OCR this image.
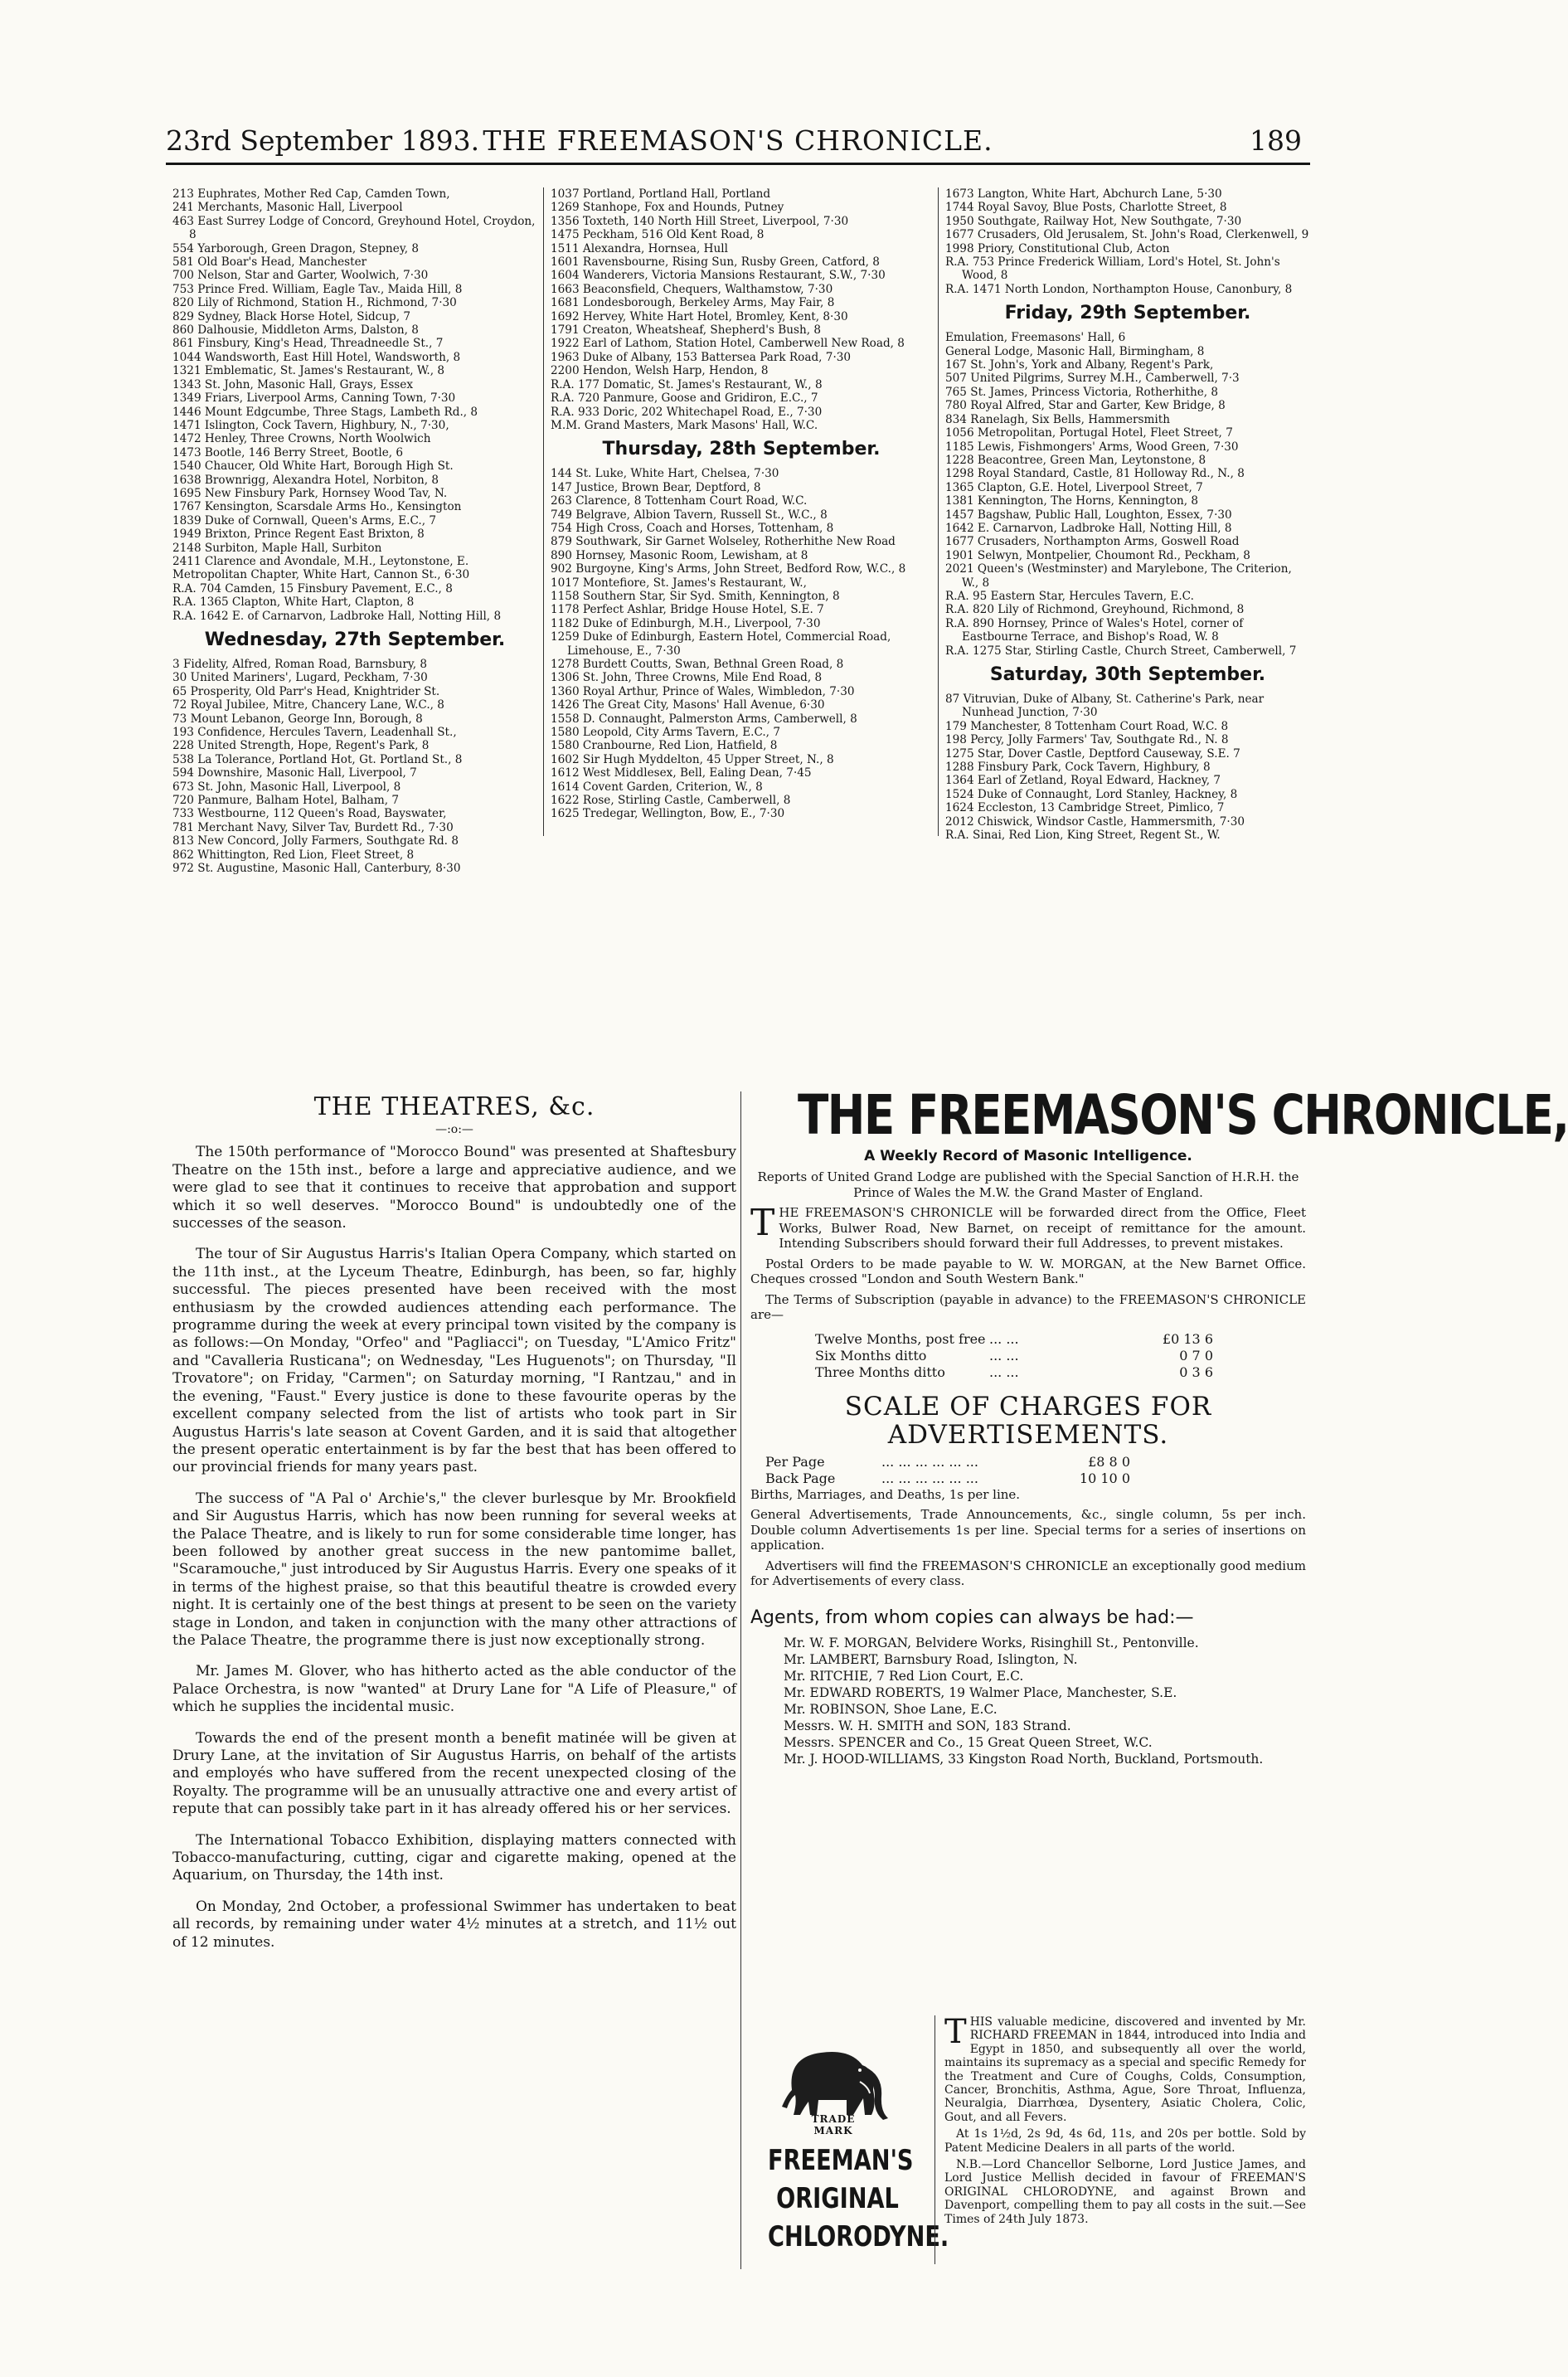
23rd September 1893. THE FREEMASON'S CHRONICLE.	189
213 Euphrates, Mother Red Cap, Camden Town,
241 Merchants, Masonic Hall, Liverpool
463 East Surrey Lodge of Concord, Greyhound Hotel, Croydon, 8
554 Yarborough, Green Dragon, Stepney, 8
581 Old Boar's Head, Manchester
700 Nelson, Star and Garter, Woolwich, 7·30
753 Prince Fred. William, Eagle Tav., Maida Hill, 8
820 Lily of Richmond, Station H., Richmond, 7·30
829 Sydney, Black Horse Hotel, Sidcup, 7
860 Dalhousie, Middleton Arms, Dalston, 8
861 Finsbury, King's Head, Threadneedle St., 7
1044 Wandsworth, East Hill Hotel, Wandsworth, 8
1321 Emblematic, St. James's Restaurant, W., 8
1343 St. John, Masonic Hall, Grays, Essex
1349 Friars, Liverpool Arms, Canning Town, 7·30
1446 Mount Edgcumbe, Three Stags, Lambeth Rd., 8
1471 Islington, Cock Tavern, Highbury, N., 7·30,
1472 Henley, Three Crowns, North Woolwich
1473 Bootle, 146 Berry Street, Bootle, 6
1540 Chaucer, Old White Hart, Borough High St.
1638 Brownrigg, Alexandra Hotel, Norbiton, 8
1695 New Finsbury Park, Hornsey Wood Tav, N.
1767 Kensington, Scarsdale Arms Ho., Kensington
1839 Duke of Cornwall, Queen's Arms, E.C., 7
1949 Brixton, Prince Regent East Brixton, 8
2148 Surbiton, Maple Hall, Surbiton
2411 Clarence and Avondale, M.H., Leytonstone, E.
Metropolitan Chapter, White Hart, Cannon St., 6·30
R.A. 704 Camden, 15 Finsbury Pavement, E.C., 8
R.A. 1365 Clapton, White Hart, Clapton, 8
R.A. 1642 E. of Carnarvon, Ladbroke Hall, Notting Hill, 8
Wednesday, 27th September.
3 Fidelity, Alfred, Roman Road, Barnsbury, 8
30 United Mariners', Lugard, Peckham, 7·30
65 Prosperity, Old Parr's Head, Knightrider St.
72 Royal Jubilee, Mitre, Chancery Lane, W.C., 8
73 Mount Lebanon, George Inn, Borough, 8
193 Confidence, Hercules Tavern, Leadenhall St.,
228 United Strength, Hope, Regent's Park, 8
538 La Tolerance, Portland Hot, Gt. Portland St., 8
594 Downshire, Masonic Hall, Liverpool, 7
673 St. John, Masonic Hall, Liverpool, 8
720 Panmure, Balham Hotel, Balham, 7
733 Westbourne, 112 Queen's Road, Bayswater,
781 Merchant Navy, Silver Tav, Burdett Rd., 7·30
813 New Concord, Jolly Farmers, Southgate Rd. 8
862 Whittington, Red Lion, Fleet Street, 8
972 St. Augustine, Masonic Hall, Canterbury, 8·30
1037 Portland, Portland Hall, Portland
1269 Stanhope, Fox and Hounds, Putney
1356 Toxteth, 140 North Hill Street, Liverpool, 7·30
1475 Peckham, 516 Old Kent Road, 8
1511 Alexandra, Hornsea, Hull
1601 Ravensbourne, Rising Sun, Rusby Green, Catford, 8
1604 Wanderers, Victoria Mansions Restaurant, S.W., 7·30
1663 Beaconsfield, Chequers, Walthamstow, 7·30
1681 Londesborough, Berkeley Arms, May Fair, 8
1692 Hervey, White Hart Hotel, Bromley, Kent, 8·30
1791 Creaton, Wheatsheaf, Shepherd's Bush, 8
1922 Earl of Lathom, Station Hotel, Camberwell New Road, 8
1963 Duke of Albany, 153 Battersea Park Road, 7·30
2200 Hendon, Welsh Harp, Hendon, 8
R.A. 177 Domatic, St. James's Restaurant, W., 8
R.A. 720 Panmure, Goose and Gridiron, E.C., 7
R.A. 933 Doric, 202 Whitechapel Road, E., 7·30
M.M. Grand Masters, Mark Masons' Hall, W.C.
Thursday, 28th September.
144 St. Luke, White Hart, Chelsea, 7·30
147 Justice, Brown Bear, Deptford, 8
263 Clarence, 8 Tottenham Court Road, W.C.
749 Belgrave, Albion Tavern, Russell St., W.C., 8
754 High Cross, Coach and Horses, Tottenham, 8
879 Southwark, Sir Garnet Wolseley, Rotherhithe New Road
890 Hornsey, Masonic Room, Lewisham, at 8
902 Burgoyne, King's Arms, John Street, Bedford Row, W.C., 8
1017 Montefiore, St. James's Restaurant, W.,
1158 Southern Star, Sir Syd. Smith, Kennington, 8
1178 Perfect Ashlar, Bridge House Hotel, S.E. 7
1182 Duke of Edinburgh, M.H., Liverpool, 7·30
1259 Duke of Edinburgh, Eastern Hotel, Commercial Road, Limehouse, E., 7·30
1278 Burdett Coutts, Swan, Bethnal Green Road, 8
1306 St. John, Three Crowns, Mile End Road, 8
1360 Royal Arthur, Prince of Wales, Wimbledon, 7·30
1426 The Great City, Masons' Hall Avenue, 6·30
1558 D. Connaught, Palmerston Arms, Camberwell, 8
1580 Leopold, City Arms Tavern, E.C., 7
1580 Cranbourne, Red Lion, Hatfield, 8
1602 Sir Hugh Myddelton, 45 Upper Street, N., 8
1612 West Middlesex, Bell, Ealing Dean, 7·45
1614 Covent Garden, Criterion, W., 8
1622 Rose, Stirling Castle, Camberwell, 8
1625 Tredegar, Wellington, Bow, E., 7·30
1673 Langton, White Hart, Abchurch Lane, 5·30
1744 Royal Savoy, Blue Posts, Charlotte Street, 8
1950 Southgate, Railway Hot, New Southgate, 7·30
1677 Crusaders, Old Jerusalem, St. John's Road, Clerkenwell, 9
1998 Priory, Constitutional Club, Acton
R.A. 753 Prince Frederick William, Lord's Hotel, St. John's Wood, 8
R.A. 1471 North London, Northampton House, Canonbury, 8
Friday, 29th September.
Emulation, Freemasons' Hall, 6
General Lodge, Masonic Hall, Birmingham, 8
167 St. John's, York and Albany, Regent's Park,
507 United Pilgrims, Surrey M.H., Camberwell, 7·3
765 St. James, Princess Victoria, Rotherhithe, 8
780 Royal Alfred, Star and Garter, Kew Bridge, 8
834 Ranelagh, Six Bells, Hammersmith
1056 Metropolitan, Portugal Hotel, Fleet Street, 7
1185 Lewis, Fishmongers' Arms, Wood Green, 7·30
1228 Beacontree, Green Man, Leytonstone, 8
1298 Royal Standard, Castle, 81 Holloway Rd., N., 8
1365 Clapton, G.E. Hotel, Liverpool Street, 7
1381 Kennington, The Horns, Kennington, 8
1457 Bagshaw, Public Hall, Loughton, Essex, 7·30
1642 E. Carnarvon, Ladbroke Hall, Notting Hill, 8
1677 Crusaders, Northampton Arms, Goswell Road
1901 Selwyn, Montpelier, Choumont Rd., Peckham, 8
2021 Queen's (Westminster) and Marylebone, The Criterion, W., 8
R.A. 95 Eastern Star, Hercules Tavern, E.C.
R.A. 820 Lily of Richmond, Greyhound, Richmond, 8
R.A. 890 Hornsey, Prince of Wales's Hotel, corner of Eastbourne Terrace, and Bishop's Road, W. 8
R.A. 1275 Star, Stirling Castle, Church Street, Camberwell, 7
Saturday, 30th September.
87 Vitruvian, Duke of Albany, St. Catherine's Park, near Nunhead Junction, 7·30
179 Manchester, 8 Tottenham Court Road, W.C. 8
198 Percy, Jolly Farmers' Tav, Southgate Rd., N. 8
1275 Star, Dover Castle, Deptford Causeway, S.E. 7
1288 Finsbury Park, Cock Tavern, Highbury, 8
1364 Earl of Zetland, Royal Edward, Hackney, 7
1524 Duke of Connaught, Lord Stanley, Hackney, 8
1624 Eccleston, 13 Cambridge Street, Pimlico, 7
2012 Chiswick, Windsor Castle, Hammersmith, 7·30
R.A. Sinai, Red Lion, King Street, Regent St., W.
THE THEATRES, &c.
—:o:—

The 150th performance of "Morocco Bound" was presented at Shaftesbury Theatre on the 15th inst., before a large and appreciative audience, and we were glad to see that it continues to receive that approbation and support which it so well deserves. "Morocco Bound" is undoubtedly one of the successes of the season.

The tour of Sir Augustus Harris's Italian Opera Company, which started on the 11th inst., at the Lyceum Theatre, Edinburgh, has been, so far, highly successful. The pieces presented have been received with the most enthusiasm by the crowded audiences attending each performance. The programme during the week at every principal town visited by the company is as follows:—On Monday, "Orfeo" and "Pagliacci"; on Tuesday, "L'Amico Fritz" and "Cavalleria Rusticana"; on Wednesday, "Les Huguenots"; on Thursday, "Il Trovatore"; on Friday, "Carmen"; on Saturday morning, "I Rantzau," and in the evening, "Faust." Every justice is done to these favourite operas by the excellent company selected from the list of artists who took part in Sir Augustus Harris's late season at Covent Garden, and it is said that altogether the present operatic entertainment is by far the best that has been offered to our provincial friends for many years past.

The success of "A Pal o' Archie's," the clever burlesque by Mr. Brookfield and Sir Augustus Harris, which has now been running for several weeks at the Palace Theatre, and is likely to run for some considerable time longer, has been followed by another great success in the new pantomime ballet, "Scaramouche," just introduced by Sir Augustus Harris. Every one speaks of it in terms of the highest praise, so that this beautiful theatre is crowded every night. It is certainly one of the best things at present to be seen on the variety stage in London, and taken in conjunction with the many other attractions of the Palace Theatre, the programme there is just now exceptionally strong.

Mr. James M. Glover, who has hitherto acted as the able conductor of the Palace Orchestra, is now "wanted" at Drury Lane for "A Life of Pleasure," of which he supplies the incidental music.

Towards the end of the present month a benefit matinée will be given at Drury Lane, at the invitation of Sir Augustus Harris, on behalf of the artists and employés who have suffered from the recent unexpected closing of the Royalty. The programme will be an unusually attractive one and every artist of repute that can possibly take part in it has already offered his or her services.

The International Tobacco Exhibition, displaying matters connected with Tobacco-manufacturing, cutting, cigar and cigarette making, opened at the Aquarium, on Thursday, the 14th inst.

On Monday, 2nd October, a professional Swimmer has undertaken to beat all records, by remaining under water 4½ minutes at a stretch, and 11½ out of 12 minutes.

THE FREEMASON'S CHRONICLE,
A Weekly Record of Masonic Intelligence.

Reports of United Grand Lodge are published with the Special Sanction of H.R.H. the Prince of Wales the M.W. the Grand Master of England.

THE FREEMASON'S CHRONICLE will be forwarded direct from the Office, Fleet Works, Bulwer Road, New Barnet, on receipt of remittance for the amount. Intending Subscribers should forward their full Addresses, to prevent mistakes.

Postal Orders to be made payable to W. W. MORGAN, at the New Barnet Office. Cheques crossed "London and South Western Bank."

The Terms of Subscription (payable in advance) to the FREEMASON'S CHRONICLE are—

Twelve Months, post free ... ...	£0 13 6
Six Months ditto	... ...	0 7 0
Three Months ditto	... ...	0 3 6
SCALE OF CHARGES FOR ADVERTISEMENTS.
Per Page	... ... ... ... ... ...	£8 8 0
Back Page	... ... ... ... ... ...	10 10 0

Births, Marriages, and Deaths, 1s per line.

General Advertisements, Trade Announcements, &c., single column, 5s per inch. Double column Advertisements 1s per line. Special terms for a series of insertions on application.

Advertisers will find the FREEMASON'S CHRONICLE an exceptionally good medium for Advertisements of every class.

Agents, from whom copies can always be had:—
Mr. W. F. MORGAN, Belvidere Works, Risinghill St., Pentonville.
Mr. LAMBERT, Barnsbury Road, Islington, N.
Mr. RITCHIE, 7 Red Lion Court, E.C.
Mr. EDWARD ROBERTS, 19 Walmer Place, Manchester, S.E.
Mr. ROBINSON, Shoe Lane, E.C.
Messrs. W. H. SMITH and SON, 183 Strand.
Messrs. SPENCER and Co., 15 Great Queen Street, W.C.
Mr. J. HOOD-WILLIAMS, 33 Kingston Road North, Buckland, Portsmouth.
TRADE MARK
FREEMAN'S
ORIGINAL
CHLORODYNE.

THIS valuable medicine, discovered and invented by Mr. RICHARD FREEMAN in 1844, introduced into India and Egypt in 1850, and subsequently all over the world, maintains its supremacy as a special and specific Remedy for the Treatment and Cure of Coughs, Colds, Consumption, Cancer, Bronchitis, Asthma, Ague, Sore Throat, Influenza, Neuralgia, Diarrhœa, Dysentery, Asiatic Cholera, Colic, Gout, and all Fevers.

At 1s 1½d, 2s 9d, 4s 6d, 11s, and 20s per bottle. Sold by Patent Medicine Dealers in all parts of the world.

N.B.—Lord Chancellor Selborne, Lord Justice James, and Lord Justice Mellish decided in favour of FREEMAN'S ORIGINAL CHLORODYNE, and against Brown and Davenport, compelling them to pay all costs in the suit.—See Times of 24th July 1873.
